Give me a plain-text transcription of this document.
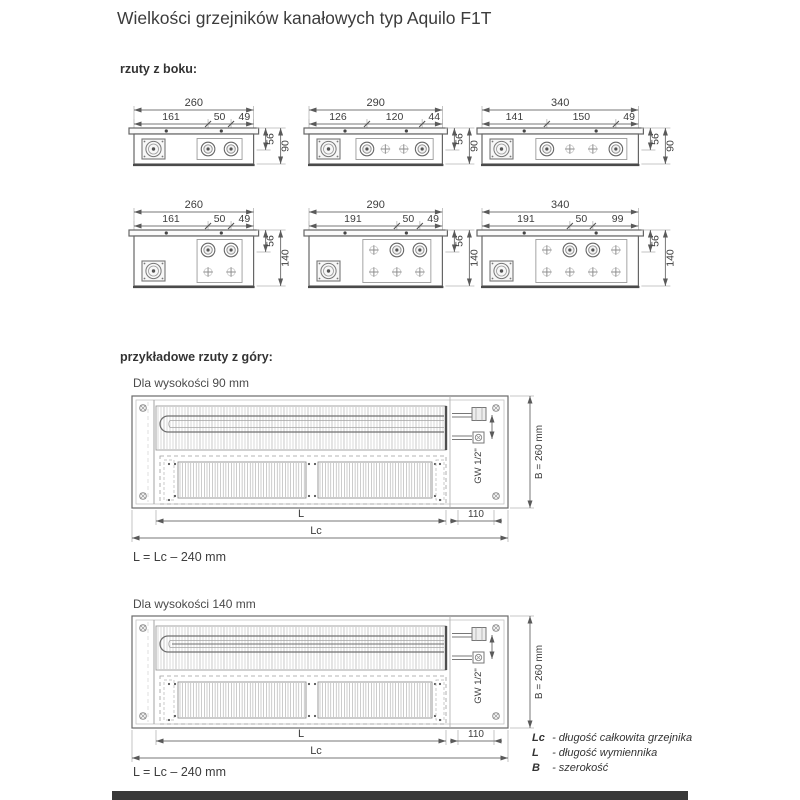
Wielkości grzejników kanałowych typ Aquilo F1T
rzuty z boku:
260
161	50 49
56
90
290
126	120 44
56
90
340
141	150	49
56
90
260
161	50 49
56
140
290
191	50 49
56
140
340
191	50 99
56
140
przykładowe rzuty z góry:
Dla wysokości 90 mm
GW 1/2"	B = 260 mm
L	110
Lc
L = Lc – 240 mm
Dla wysokości 140 mm
GW 1/2"	B = 260 mm
L	110
Lc
Lc - długość całkowita grzejnika
L - długość wymiennika
B - szerokość
L = Lc – 240 mm
